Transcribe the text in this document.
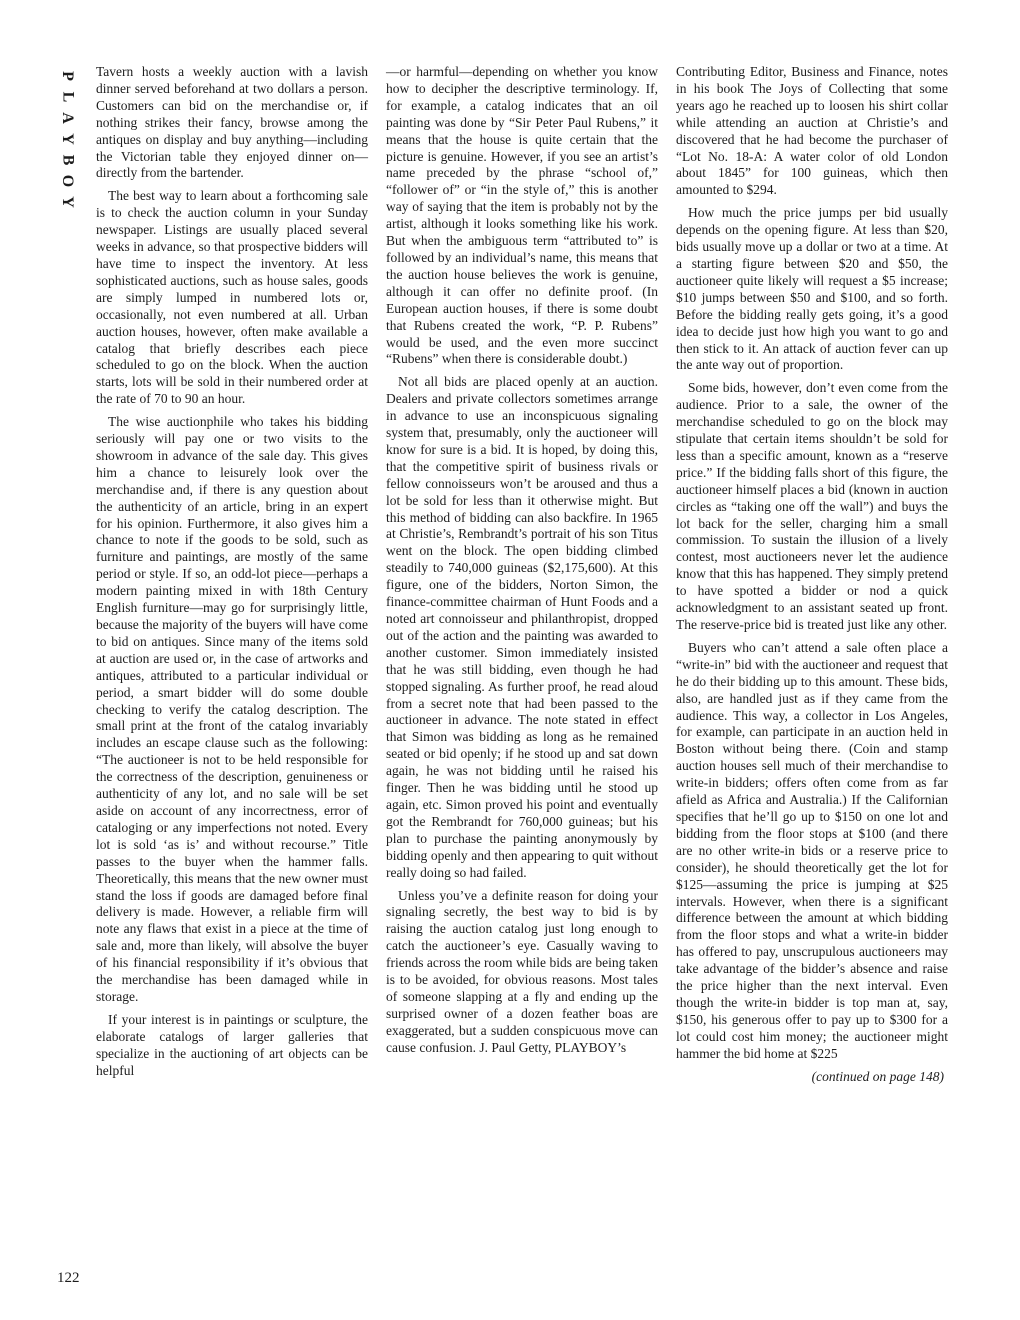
P
L
A
Y
B
O
Y
122

Tavern hosts a weekly auction with a lavish dinner served beforehand at two dollars a person. Customers can bid on the merchandise or, if nothing strikes their fancy, browse among the antiques on display and buy anything—including the Victorian table they enjoyed dinner on—directly from the bartender.

The best way to learn about a forthcoming sale is to check the auction column in your Sunday newspaper. Listings are usually placed several weeks in advance, so that prospective bidders will have time to inspect the inventory. At less sophisticated auctions, such as house sales, goods are simply lumped in numbered lots or, occasionally, not even numbered at all. Urban auction houses, however, often make available a catalog that briefly describes each piece scheduled to go on the block. When the auction starts, lots will be sold in their numbered order at the rate of 70 to 90 an hour.

The wise auctionphile who takes his bidding seriously will pay one or two visits to the showroom in advance of the sale day. This gives him a chance to leisurely look over the merchandise and, if there is any question about the authenticity of an article, bring in an expert for his opinion. Furthermore, it also gives him a chance to note if the goods to be sold, such as furniture and paintings, are mostly of the same period or style. If so, an odd-lot piece—perhaps a modern painting mixed in with 18th Century English furniture—may go for surprisingly little, because the majority of the buyers will have come to bid on antiques. Since many of the items sold at auction are used or, in the case of artworks and antiques, attributed to a particular individual or period, a smart bidder will do some double checking to verify the catalog description. The small print at the front of the catalog invariably includes an escape clause such as the following: “The auctioneer is not to be held responsible for the correctness of the description, genuineness or authenticity of any lot, and no sale will be set aside on account of any incorrectness, error of cataloging or any imperfections not noted. Every lot is sold ‘as is’ and without recourse.” Title passes to the buyer when the hammer falls. Theoretically, this means that the new owner must stand the loss if goods are damaged before final delivery is made. However, a reliable firm will note any flaws that exist in a piece at the time of sale and, more than likely, will absolve the buyer of his financial responsibility if it’s obvious that the merchandise has been damaged while in storage.

If your interest is in paintings or sculpture, the elaborate catalogs of larger galleries that specialize in the auctioning of art objects can be helpful

—or harmful—depending on whether you know how to decipher the descriptive terminology. If, for example, a catalog indicates that an oil painting was done by “Sir Peter Paul Rubens,” it means that the house is quite certain that the picture is genuine. However, if you see an artist’s name preceded by the phrase “school of,” “follower of” or “in the style of,” this is another way of saying that the item is probably not by the artist, although it looks something like his work. But when the ambiguous term “attributed to” is followed by an individual’s name, this means that the auction house believes the work is genuine, although it can offer no definite proof. (In European auction houses, if there is some doubt that Rubens created the work, “P. P. Rubens” would be used, and the even more succinct “Rubens” when there is considerable doubt.)

Not all bids are placed openly at an auction. Dealers and private collectors sometimes arrange in advance to use an inconspicuous signaling system that, presumably, only the auctioneer will know for sure is a bid. It is hoped, by doing this, that the competitive spirit of business rivals or fellow connoisseurs won’t be aroused and thus a lot be sold for less than it otherwise might. But this method of bidding can also backfire. In 1965 at Christie’s, Rembrandt’s portrait of his son Titus went on the block. The open bidding climbed steadily to 740,000 guineas ($2,175,600). At this figure, one of the bidders, Norton Simon, the finance-committee chairman of Hunt Foods and a noted art connoisseur and philanthropist, dropped out of the action and the painting was awarded to another customer. Simon immediately insisted that he was still bidding, even though he had stopped signaling. As further proof, he read aloud from a secret note that had been passed to the auctioneer in advance. The note stated in effect that Simon was bidding as long as he remained seated or bid openly; if he stood up and sat down again, he was not bidding until he raised his finger. Then he was bidding until he stood up again, etc. Simon proved his point and eventually got the Rembrandt for 760,000 guineas; but his plan to purchase the painting anonymously by bidding openly and then appearing to quit without really doing so had failed.

Unless you’ve a definite reason for doing your signaling secretly, the best way to bid is by raising the auction catalog just long enough to catch the auctioneer’s eye. Casually waving to friends across the room while bids are being taken is to be avoided, for obvious reasons. Most tales of someone slapping at a fly and ending up the surprised owner of a dozen feather boas are exaggerated, but a sudden conspicuous move can cause confusion. J. Paul Getty, PLAYBOY’s

Contributing Editor, Business and Finance, notes in his book The Joys of Collecting that some years ago he reached up to loosen his shirt collar while attending an auction at Christie’s and discovered that he had become the purchaser of “Lot No. 18-A: A water color of old London about 1845” for 100 guineas, which then amounted to $294.

How much the price jumps per bid usually depends on the opening figure. At less than $20, bids usually move up a dollar or two at a time. At a starting figure between $20 and $50, the auctioneer quite likely will request a $5 increase; $10 jumps between $50 and $100, and so forth. Before the bidding really gets going, it’s a good idea to decide just how high you want to go and then stick to it. An attack of auction fever can up the ante way out of proportion.

Some bids, however, don’t even come from the audience. Prior to a sale, the owner of the merchandise scheduled to go on the block may stipulate that certain items shouldn’t be sold for less than a specific amount, known as a “reserve price.” If the bidding falls short of this figure, the auctioneer himself places a bid (known in auction circles as “taking one off the wall”) and buys the lot back for the seller, charging him a small commission. To sustain the illusion of a lively contest, most auctioneers never let the audience know that this has happened. They simply pretend to have spotted a bidder or nod a quick acknowledgment to an assistant seated up front. The reserve-price bid is treated just like any other.

Buyers who can’t attend a sale often place a “write-in” bid with the auctioneer and request that he do their bidding up to this amount. These bids, also, are handled just as if they came from the audience. This way, a collector in Los Angeles, for example, can participate in an auction held in Boston without being there. (Coin and stamp auction houses sell much of their merchandise to write-in bidders; offers often come from as far afield as Africa and Australia.) If the Californian specifies that he’ll go up to $150 on one lot and bidding from the floor stops at $100 (and there are no other write-in bids or a reserve price to consider), he should theoretically get the lot for $125—assuming the price is jumping at $25 intervals. However, when there is a significant difference between the amount at which bidding from the floor stops and what a write-in bidder has offered to pay, unscrupulous auctioneers may take advantage of the bidder’s absence and raise the price higher than the next interval. Even though the write-in bidder is top man at, say, $150, his generous offer to pay up to $300 for a lot could cost him money; the auctioneer might hammer the bid home at $225

(continued on page 148)
